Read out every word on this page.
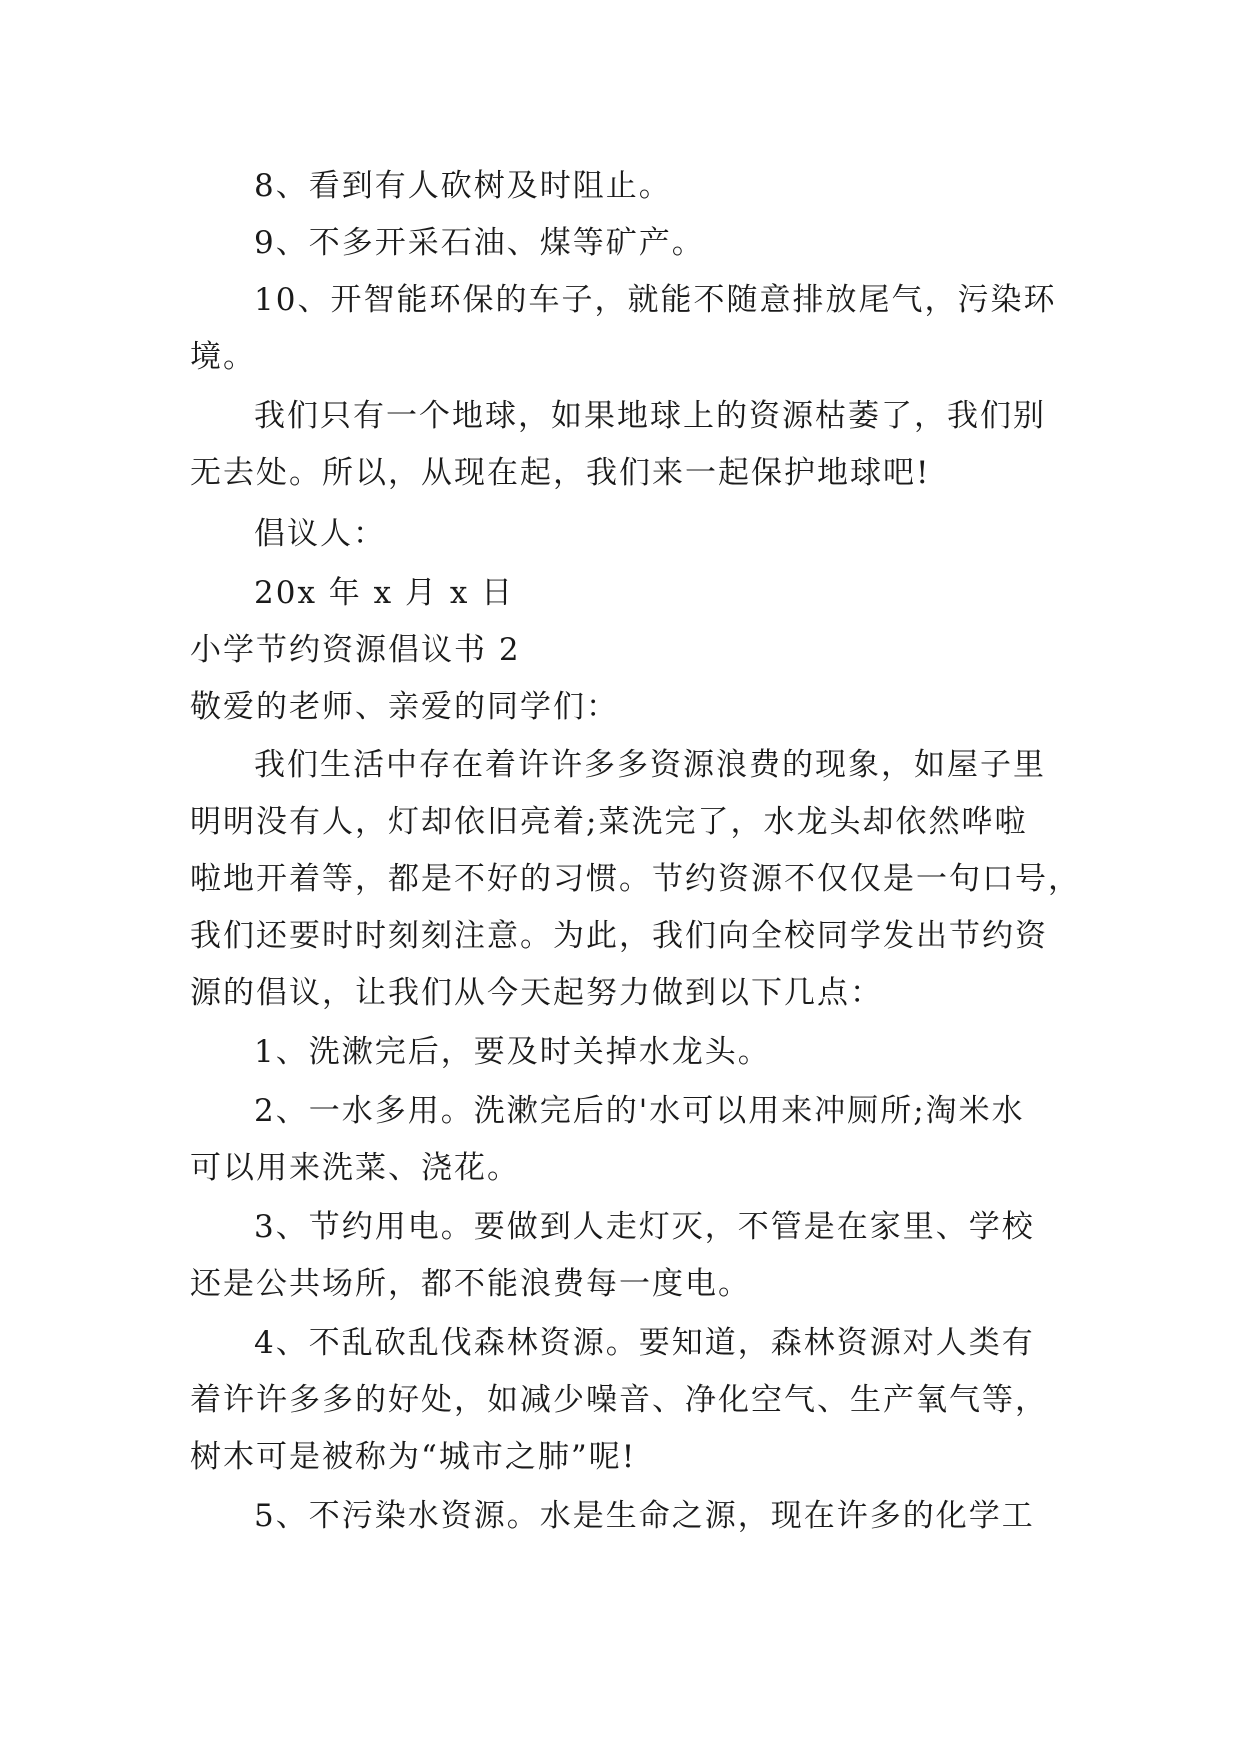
8、看到有人砍树及时阻止。
9、不多开采石油、煤等矿产。
10、开智能环保的车子，就能不随意排放尾气，污染环
境。
我们只有一个地球，如果地球上的资源枯萎了，我们别
无去处。所以，从现在起，我们来一起保护地球吧!
倡议人：
20x 年 x 月 x 日
小学节约资源倡议书 2
敬爱的老师、亲爱的同学们：
我们生活中存在着许许多多资源浪费的现象，如屋子里
明明没有人，灯却依旧亮着;菜洗完了，水龙头却依然哗啦
啦地开着等，都是不好的习惯。节约资源不仅仅是一句口号，
我们还要时时刻刻注意。为此，我们向全校同学发出节约资
源的倡议，让我们从今天起努力做到以下几点：
1、洗漱完后，要及时关掉水龙头。
2、一水多用。洗漱完后的'水可以用来冲厕所;淘米水
可以用来洗菜、浇花。
3、节约用电。要做到人走灯灭，不管是在家里、学校
还是公共场所，都不能浪费每一度电。
4、不乱砍乱伐森林资源。要知道，森林资源对人类有
着许许多多的好处，如减少噪音、净化空气、生产氧气等，
树木可是被称为“城市之肺”呢!
5、不污染水资源。水是生命之源，现在许多的化学工
